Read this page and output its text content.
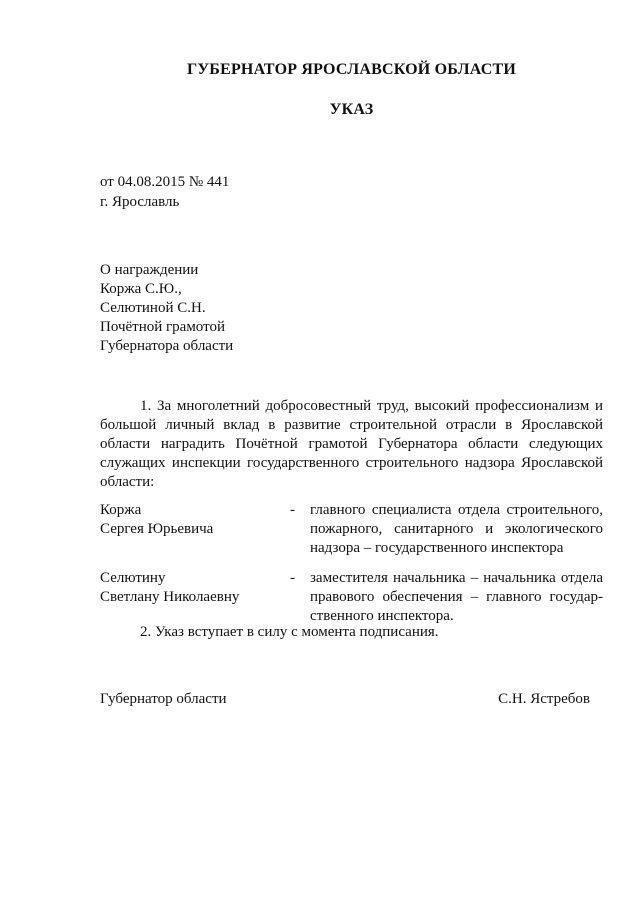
ГУБЕРНАТОР ЯРОСЛАВСКОЙ ОБЛАСТИ
УКАЗ
от 04.08.2015 № 441
г. Ярославль
О награждении
Коржа С.Ю.,
Селютиной С.Н.
Почётной грамотой
Губернатора области

1. За многолетний добросовестный труд, высокий профессионализм и большой личный вклад в развитие строительной отрасли в Ярославской области наградить Почётной грамотой Губернатора области следующих служащих инспекции государственного строительного надзора Ярославской области:

Коржа
Сергея Юрьевича
-	главного специалиста отдела строительного, пожарного, санитарного и экологического надзора – государственного инспектора

Селютину
Светлану Николаевну
-	заместителя начальника – начальника отдела правового обеспечения – главного государ-ственного инспектора.

2. Указ вступает в силу с момента подписания.
Губернатор области	С.Н. Ястребов
